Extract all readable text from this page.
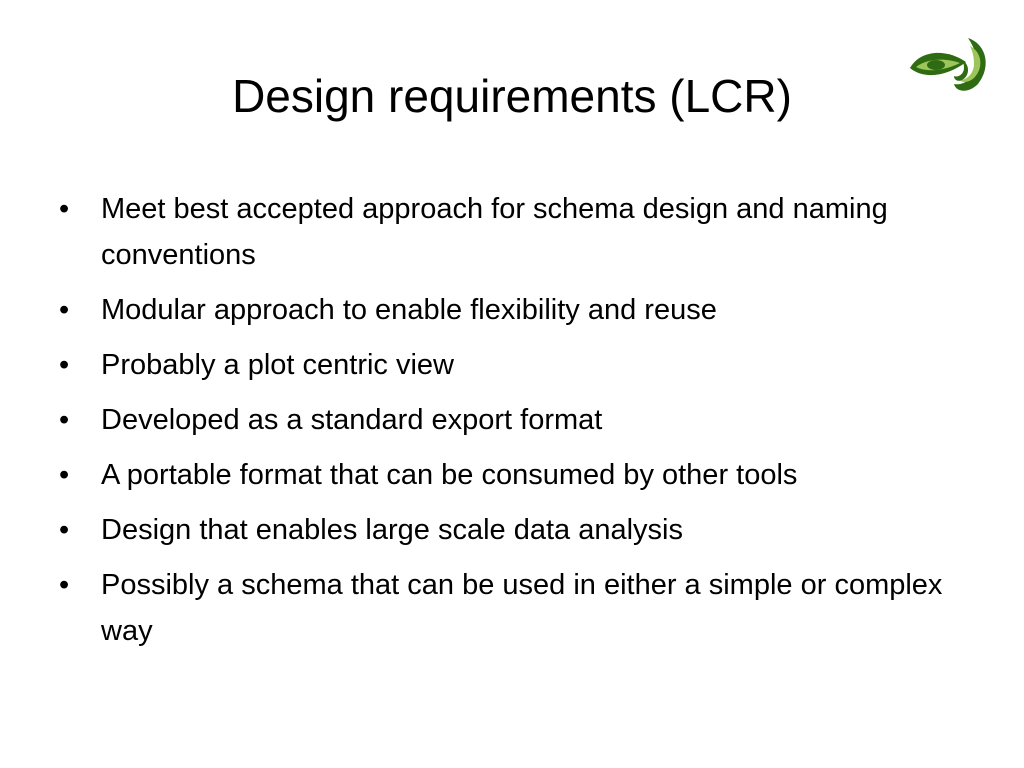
Design requirements (LCR)
• Meet best accepted approach for schema design and naming conventions
• Modular approach to enable flexibility and reuse
• Probably a plot centric view
• Developed as a standard export format
• A portable format that can be consumed by other tools
• Design that enables large scale data analysis
• Possibly a schema that can be used in either a simple or complex way
